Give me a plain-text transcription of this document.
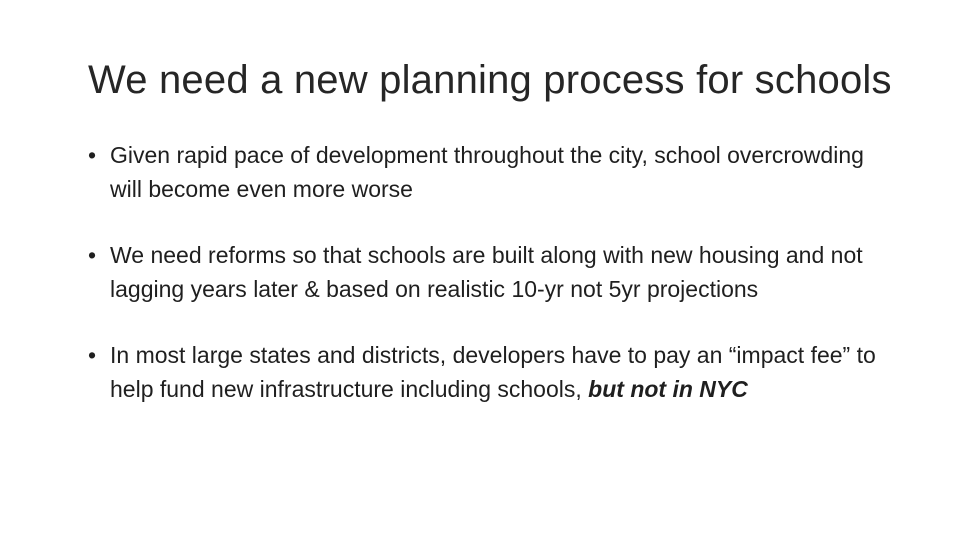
We need a new planning process for schools
• Given rapid pace of development throughout the city, school overcrowding will become even more worse
• We need reforms so that schools are built along with new housing and not lagging years later & based on realistic 10-yr not 5yr projections
• In most large states and districts, developers have to pay an “impact fee” to help fund new infrastructure including schools, but not in NYC
